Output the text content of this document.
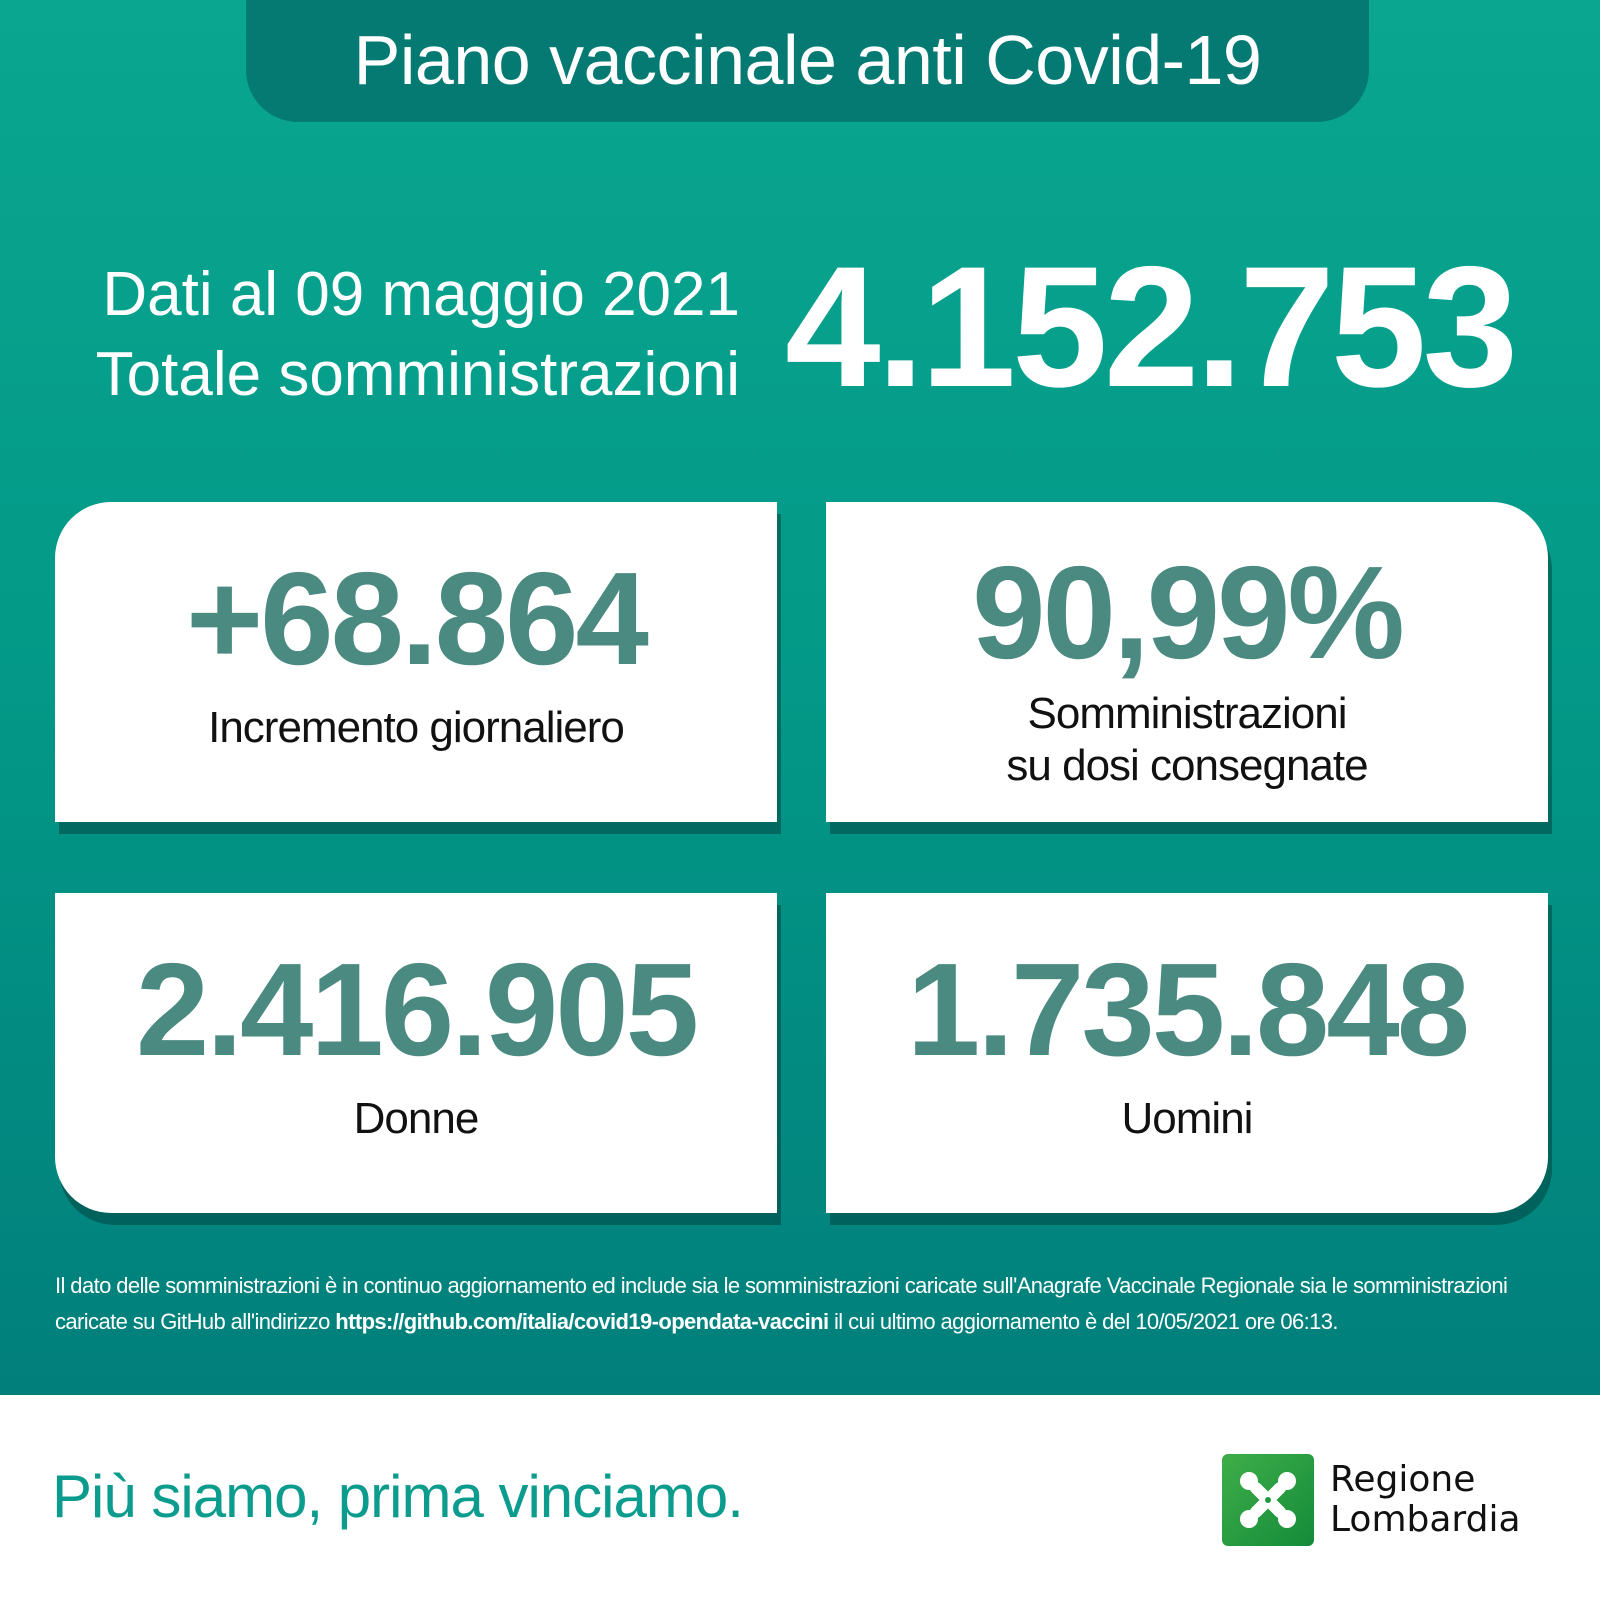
Piano vaccinale anti Covid-19
Dati al 09 maggio 2021
Totale somministrazioni 4.152.753
+68.864
Incremento giornaliero
90,99%
Somministrazioni
su dosi consegnate
2.416.905
Donne
1.735.848
Uomini
Il dato delle somministrazioni è in continuo aggiornamento ed include sia le somministrazioni caricate sull'Anagrafe Vaccinale Regionale sia le somministrazioni caricate su GitHub all'indirizzo https://github.com/italia/covid19-opendata-vaccini il cui ultimo aggiornamento è del 10/05/2021 ore 06:13.
Più siamo, prima vinciamo.	Regione
Lombardia
